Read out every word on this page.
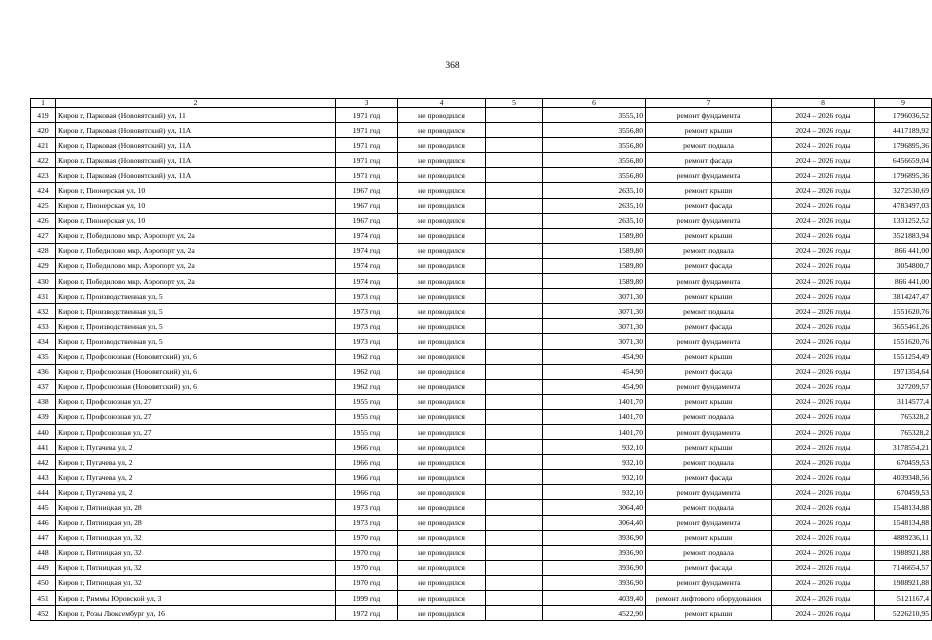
368
1	2	3	4	5	6	7	8	9
419	Киров г, Парковая (Нововятский) ул, 11	1971 год	не проводился		3555,10	ремонт фундамента	2024 – 2026 годы	1796036,52
420	Киров г, Парковая (Нововятский) ул, 11А	1971 год	не проводился		3556,80	ремонт крыши	2024 – 2026 годы	4417189,92
421	Киров г, Парковая (Нововятский) ул, 11А	1971 год	не проводился		3556,80	ремонт подвала	2024 – 2026 годы	1796895,36
422	Киров г, Парковая (Нововятский) ул, 11А	1971 год	не проводился		3556,80	ремонт фасада	2024 – 2026 годы	6456659,04
423	Киров г, Парковая (Нововятский) ул, 11А	1971 год	не проводился		3556,80	ремонт фундамента	2024 – 2026 годы	1796895,36
424	Киров г, Пионерская ул, 10	1967 год	не проводился		2635,10	ремонт крыши	2024 – 2026 годы	3272530,69
425	Киров г, Пионерская ул, 10	1967 год	не проводился		2635,10	ремонт фасада	2024 – 2026 годы	4783497,03
426	Киров г, Пионерская ул, 10	1967 год	не проводился		2635,10	ремонт фундамента	2024 – 2026 годы	1331252,52
427	Киров г, Победилово мкр, Аэропорт ул, 2а	1974 год	не проводился		1589,80	ремонт крыши	2024 – 2026 годы	3521883,94
428	Киров г, Победилово мкр, Аэропорт ул, 2а	1974 год	не проводился		1589,80	ремонт подвала	2024 – 2026 годы	866 441,00
429	Киров г, Победилово мкр, Аэропорт ул, 2а	1974 год	не проводился		1589,80	ремонт фасада	2024 – 2026 годы	3054800,7
430	Киров г, Победилово мкр, Аэропорт ул, 2а	1974 год	не проводился		1589,80	ремонт фундамента	2024 – 2026 годы	866 441,00
431	Киров г, Производственная ул, 5	1973 год	не проводился		3071,30	ремонт крыши	2024 – 2026 годы	3814247,47
432	Киров г, Производственная ул, 5	1973 год	не проводился		3071,30	ремонт подвала	2024 – 2026 годы	1551620,76
433	Киров г, Производственная ул, 5	1973 год	не проводился		3071,30	ремонт фасада	2024 – 2026 годы	3655461,26
434	Киров г, Производственная ул, 5	1973 год	не проводился		3071,30	ремонт фундамента	2024 – 2026 годы	1551620,76
435	Киров г, Профсоюзная (Нововятский) ул, 6	1962 год	не проводился		454,90	ремонт крыши	2024 – 2026 годы	1551254,49
436	Киров г, Профсоюзная (Нововятский) ул, 6	1962 год	не проводился		454,90	ремонт фасада	2024 – 2026 годы	1971354,64
437	Киров г, Профсоюзная (Нововятский) ул, 6	1962 год	не проводился		454,90	ремонт фундамента	2024 – 2026 годы	327209,57
438	Киров г, Профсоюзная ул, 27	1955 год	не проводился		1401,70	ремонт крыши	2024 – 2026 годы	3114577,4
439	Киров г, Профсоюзная ул, 27	1955 год	не проводился		1401,70	ремонт подвала	2024 – 2026 годы	765328,2
440	Киров г, Профсоюзная ул, 27	1955 год	не проводился		1401,70	ремонт фундамента	2024 – 2026 годы	765328,2
441	Киров г, Пугачева ул, 2	1966 год	не проводился		932,10	ремонт крыши	2024 – 2026 годы	3178554,21
442	Киров г, Пугачева ул, 2	1966 год	не проводился		932,10	ремонт подвала	2024 – 2026 годы	670459,53
443	Киров г, Пугачева ул, 2	1966 год	не проводился		932,10	ремонт фасада	2024 – 2026 годы	4039348,56
444	Киров г, Пугачева ул, 2	1966 год	не проводился		932,10	ремонт фундамента	2024 – 2026 годы	670459,53
445	Киров г, Пятницкая ул, 28	1973 год	не проводился		3064,40	ремонт подвала	2024 – 2026 годы	1548134,88
446	Киров г, Пятницкая ул, 28	1973 год	не проводился		3064,40	ремонт фундамента	2024 – 2026 годы	1548134,88
447	Киров г, Пятницкая ул, 32	1970 год	не проводился		3936,90	ремонт крыши	2024 – 2026 годы	4889236,11
448	Киров г, Пятницкая ул, 32	1970 год	не проводился		3936,90	ремонт подвала	2024 – 2026 годы	1988921,88
449	Киров г, Пятницкая ул, 32	1970 год	не проводился		3936,90	ремонт фасада	2024 – 2026 годы	7146654,57
450	Киров г, Пятницкая ул, 32	1970 год	не проводился		3936,90	ремонт фундамента	2024 – 2026 годы	1988921,88
451	Киров г, Риммы Юровской ул, 3	1999 год	не проводился		4039,40	ремонт лифтового оборудования	2024 – 2026 годы	5121167,4
452	Киров г, Розы Люксембург ул, 16	1972 год	не проводился		4522,90	ремонт крыши	2024 – 2026 годы	5226210,95
